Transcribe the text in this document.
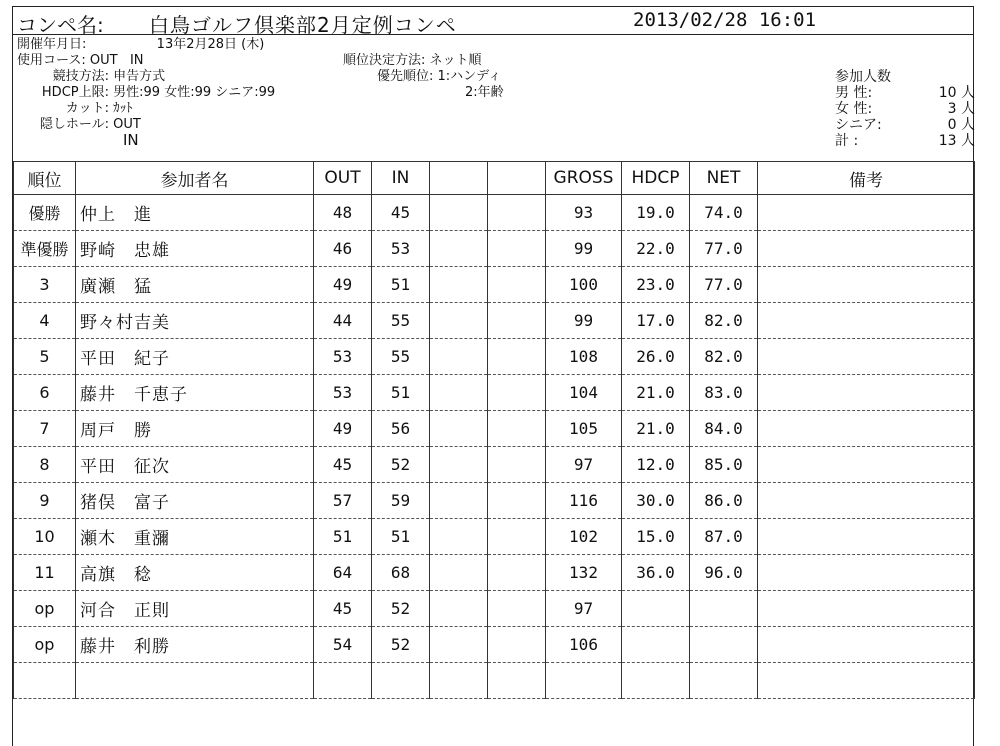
コンペ名: 白鳥ゴルフ倶楽部2月定例コンペ	2013/02/28 16:01
開催年月日:	13年2月28日 (木)
使用コース: OUT   IN
競技方法: 申告方式
HDCP上限: 男性:99 女性:99 シニア:99
カット: ｶｯﾄ
隠しホール: OUT
IN
順位決定方法: ネット順
優先順位: 1:ハンディ
2:年齢
参加人数
男 性:	10 人
女 性:	3 人
シニア:	0 人
計 :	13 人
順位	参加者名	OUT	IN			GROSS	HDCP	NET	備考
優勝	仲上　進	48	45			93	19.0	74.0	
準優勝	野崎　忠雄	46	53			99	22.0	77.0	
3	廣瀬　猛	49	51			100	23.0	77.0	
4	野々村吉美	44	55			99	17.0	82.0	
5	平田　紀子	53	55			108	26.0	82.0	
6	藤井　千恵子	53	51			104	21.0	83.0	
7	周戸　勝	49	56			105	21.0	84.0	
8	平田　征次	45	52			97	12.0	85.0	
9	猪俣　富子	57	59			116	30.0	86.0	
10	瀬木　重瀰	51	51			102	15.0	87.0	
11	高旗　稔	64	68			132	36.0	96.0	
op	河合　正則	45	52			97			
op	藤井　利勝	54	52			106			
